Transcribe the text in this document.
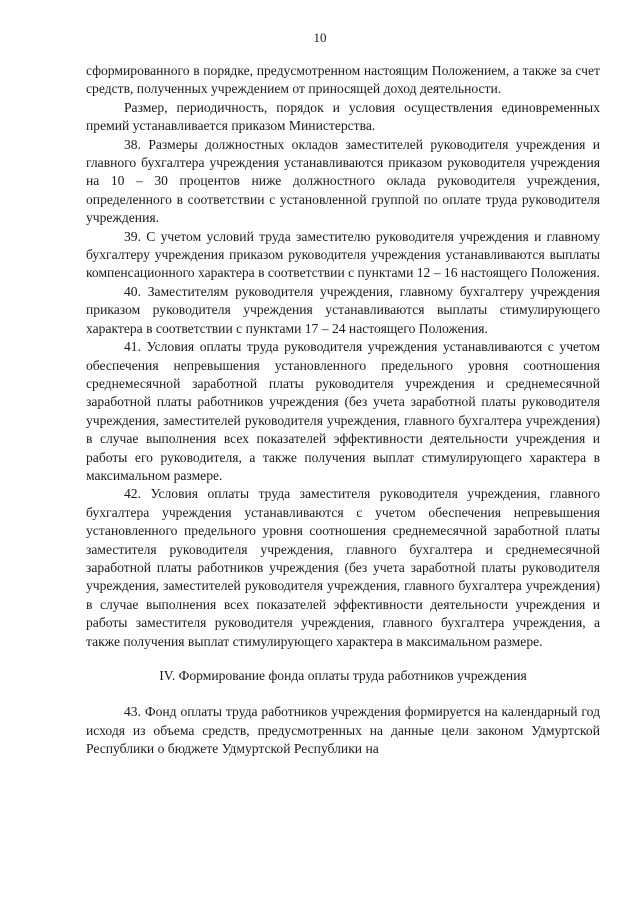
10

сформированного в порядке, предусмотренном настоящим Положением, а также за счет средств, полученных учреждением от приносящей доход деятельности.

Размер, периодичность, порядок и условия осуществления единовременных премий устанавливается приказом Министерства.

38. Размеры должностных окладов заместителей руководителя учреждения и главного бухгалтера учреждения устанавливаются приказом руководителя учреждения на 10 – 30 процентов ниже должностного оклада руководителя учреждения, определенного в соответствии с установленной группой по оплате труда руководителя учреждения.

39. С учетом условий труда заместителю руководителя учреждения и главному бухгалтеру учреждения приказом руководителя учреждения устанавливаются выплаты компенсационного характера в соответствии с пунктами 12 – 16 настоящего Положения.

40. Заместителям руководителя учреждения, главному бухгалтеру учреждения приказом руководителя учреждения устанавливаются выплаты стимулирующего характера в соответствии с пунктами 17 – 24 настоящего Положения.

41. Условия оплаты труда руководителя учреждения устанавливаются с учетом обеспечения непревышения установленного предельного уровня соотношения среднемесячной заработной платы руководителя учреждения и среднемесячной заработной платы работников учреждения (без учета заработной платы руководителя учреждения, заместителей руководителя учреждения, главного бухгалтера учреждения) в случае выполнения всех показателей эффективности деятельности учреждения и работы его руководителя, а также получения выплат стимулирующего характера в максимальном размере.

42. Условия оплаты труда заместителя руководителя учреждения, главного бухгалтера учреждения устанавливаются с учетом обеспечения непревышения установленного предельного уровня соотношения среднемесячной заработной платы заместителя руководителя учреждения, главного бухгалтера и среднемесячной заработной платы работников учреждения (без учета заработной платы руководителя учреждения, заместителей руководителя учреждения, главного бухгалтера учреждения) в случае выполнения всех показателей эффективности деятельности учреждения и работы заместителя руководителя учреждения, главного бухгалтера учреждения, а также получения выплат стимулирующего характера в максимальном размере.

IV. Формирование фонда оплаты труда работников учреждения

43. Фонд оплаты труда работников учреждения формируется на календарный год исходя из объема средств, предусмотренных на данные цели законом Удмуртской Республики о бюджете Удмуртской Республики на
